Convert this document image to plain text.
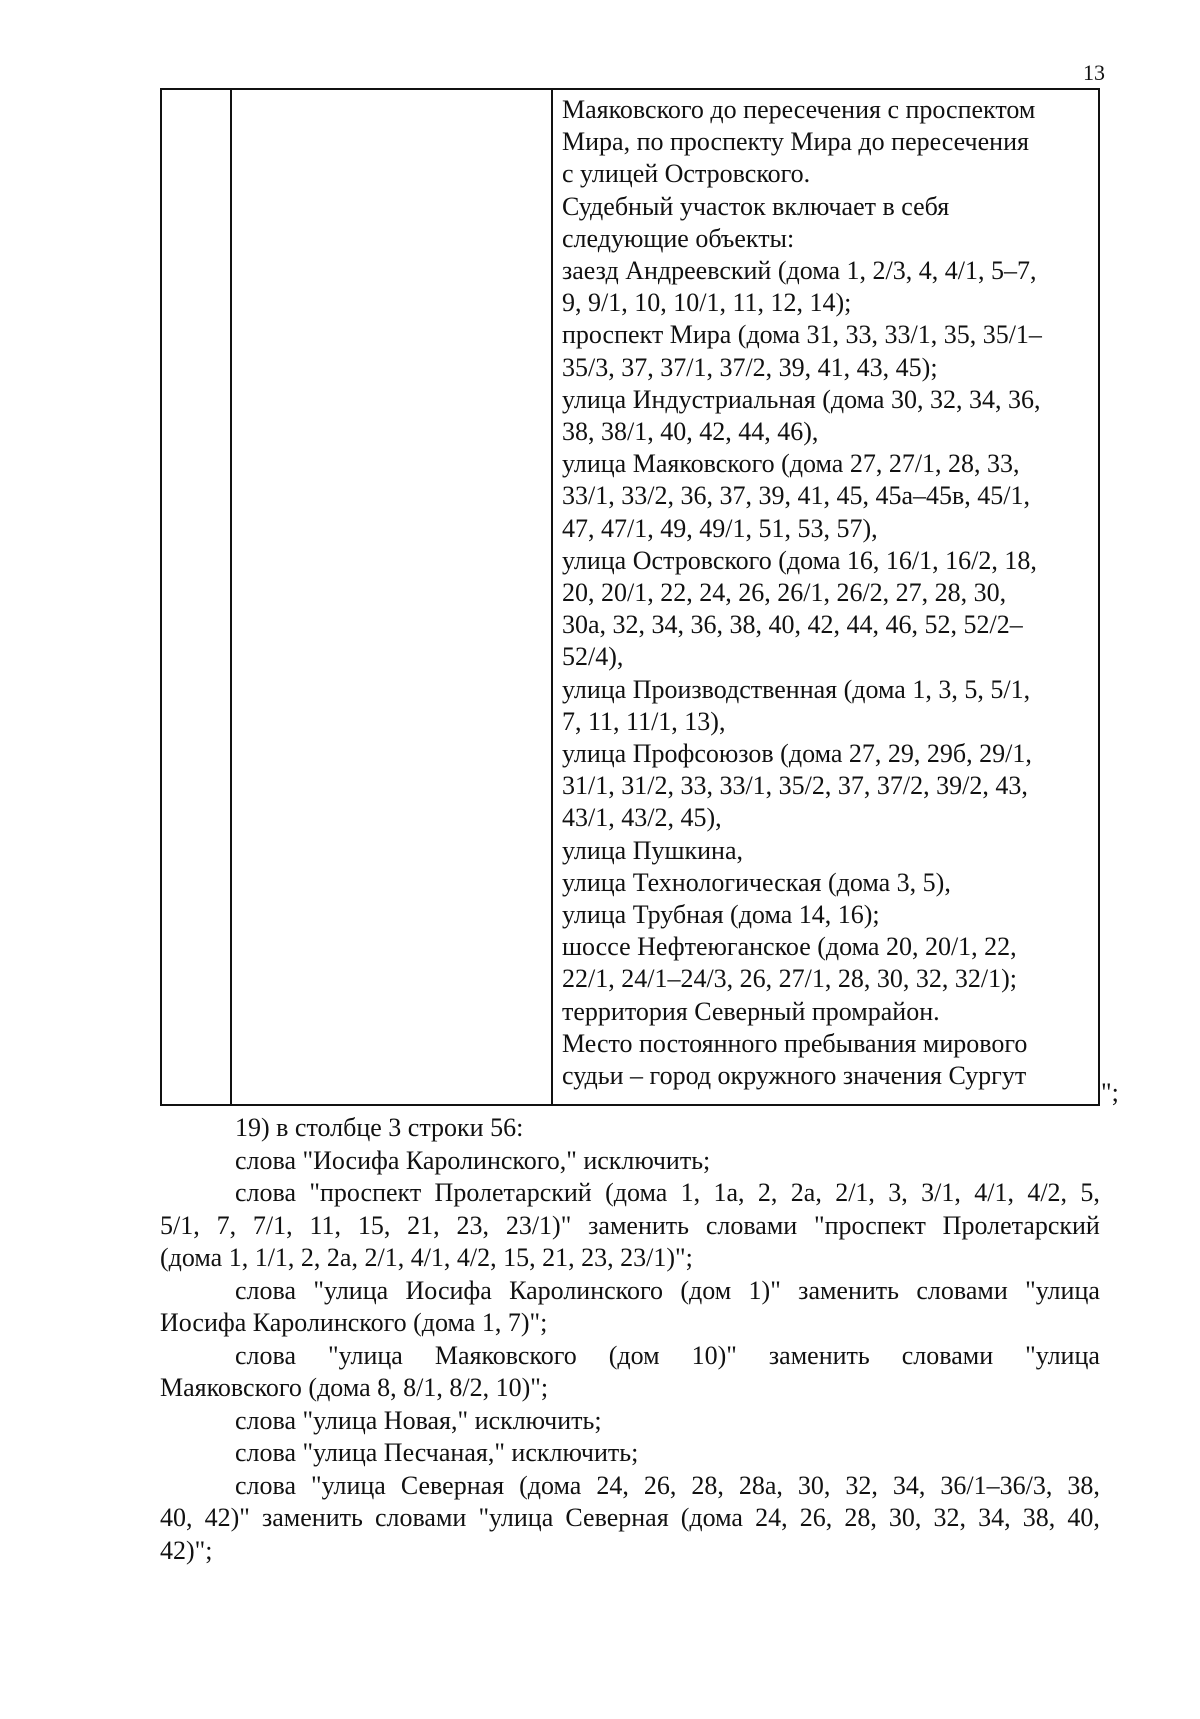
13
Маяковского до пересечения с проспектом
Мира, по проспекту Мира до пересечения
с улицей Островского.
Судебный участок включает в себя
следующие объекты:
заезд Андреевский (дома 1, 2/3, 4, 4/1, 5–7,
9, 9/1, 10, 10/1, 11, 12, 14);
проспект Мира (дома 31, 33, 33/1, 35, 35/1–
35/3, 37, 37/1, 37/2, 39, 41, 43, 45);
улица Индустриальная (дома 30, 32, 34, 36,
38, 38/1, 40, 42, 44, 46),
улица Маяковского (дома 27, 27/1, 28, 33,
33/1, 33/2, 36, 37, 39, 41, 45, 45а–45в, 45/1,
47, 47/1, 49, 49/1, 51, 53, 57),
улица Островского (дома 16, 16/1, 16/2, 18,
20, 20/1, 22, 24, 26, 26/1, 26/2, 27, 28, 30,
30а, 32, 34, 36, 38, 40, 42, 44, 46, 52, 52/2–
52/4),
улица Производственная (дома 1, 3, 5, 5/1,
7, 11, 11/1, 13),
улица Профсоюзов (дома 27, 29, 29б, 29/1,
31/1, 31/2, 33, 33/1, 35/2, 37, 37/2, 39/2, 43,
43/1, 43/2, 45),
улица Пушкина,
улица Технологическая (дома 3, 5),
улица Трубная (дома 14, 16);
шоссе Нефтеюганское (дома 20, 20/1, 22,
22/1, 24/1–24/3, 26, 27/1, 28, 30, 32, 32/1);
территория Северный промрайон.
Место постоянного пребывания мирового
судьи – город окружного значения Сургут
";
19) в столбце 3 строки 56:
слова "Иосифа Каролинского," исключить;
слова "проспект Пролетарский (дома 1, 1а, 2, 2а, 2/1, 3, 3/1, 4/1, 4/2, 5,
5/1, 7, 7/1, 11, 15, 21, 23, 23/1)" заменить словами "проспект Пролетарский
(дома 1, 1/1, 2, 2а, 2/1, 4/1, 4/2, 15, 21, 23, 23/1)";
слова "улица Иосифа Каролинского (дом 1)" заменить словами "улица
Иосифа Каролинского (дома 1, 7)";
слова "улица Маяковского (дом 10)" заменить словами "улица
Маяковского (дома 8, 8/1, 8/2, 10)";
слова "улица Новая," исключить;
слова "улица Песчаная," исключить;
слова "улица Северная (дома 24, 26, 28, 28а, 30, 32, 34, 36/1–36/3, 38,
40, 42)" заменить словами "улица Северная (дома 24, 26, 28, 30, 32, 34, 38, 40,
42)";
